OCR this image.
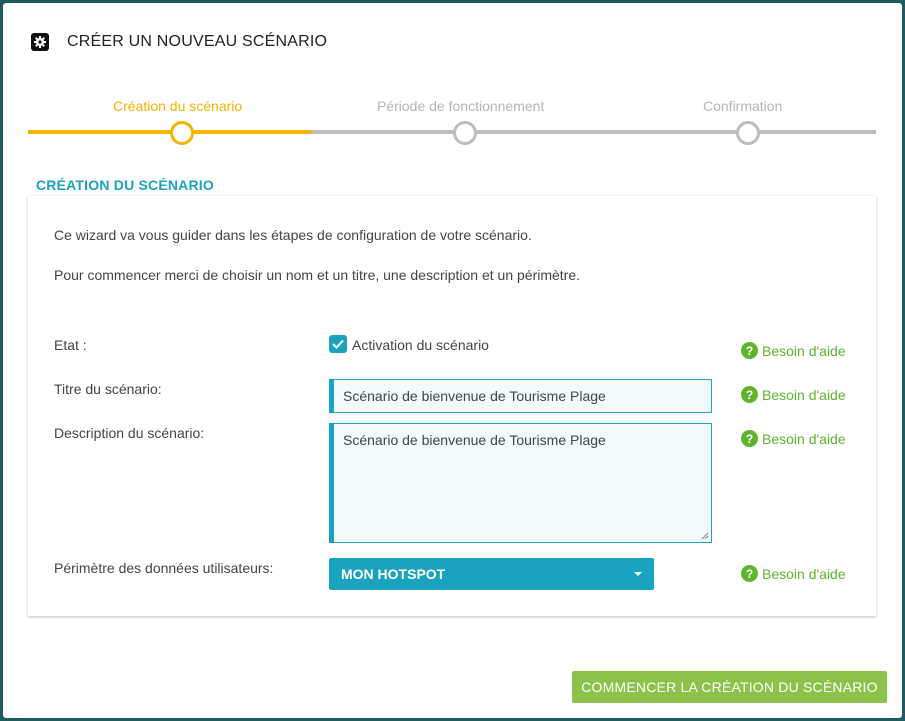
CRÉER UN NOUVEAU SCÉNARIO
Création du scénario	Période de fonctionnement	Confirmation
CRÉATION DU SCÉNARIO
Ce wizard va vous guider dans les étapes de configuration de votre scénario.
Pour commencer merci de choisir un nom et un titre, une description et un périmètre.
Etat :	Activation du scénario	? Besoin d'aide
Titre du scénario:	Scénario de bienvenue de Tourisme Plage	? Besoin d'aide
Description du scénario:	Scénario de bienvenue de Tourisme Plage	? Besoin d'aide
Périmètre des données utilisateurs:	MON HOTSPOT	? Besoin d'aide
COMMENCER LA CRÉATION DU SCÉNARIO
